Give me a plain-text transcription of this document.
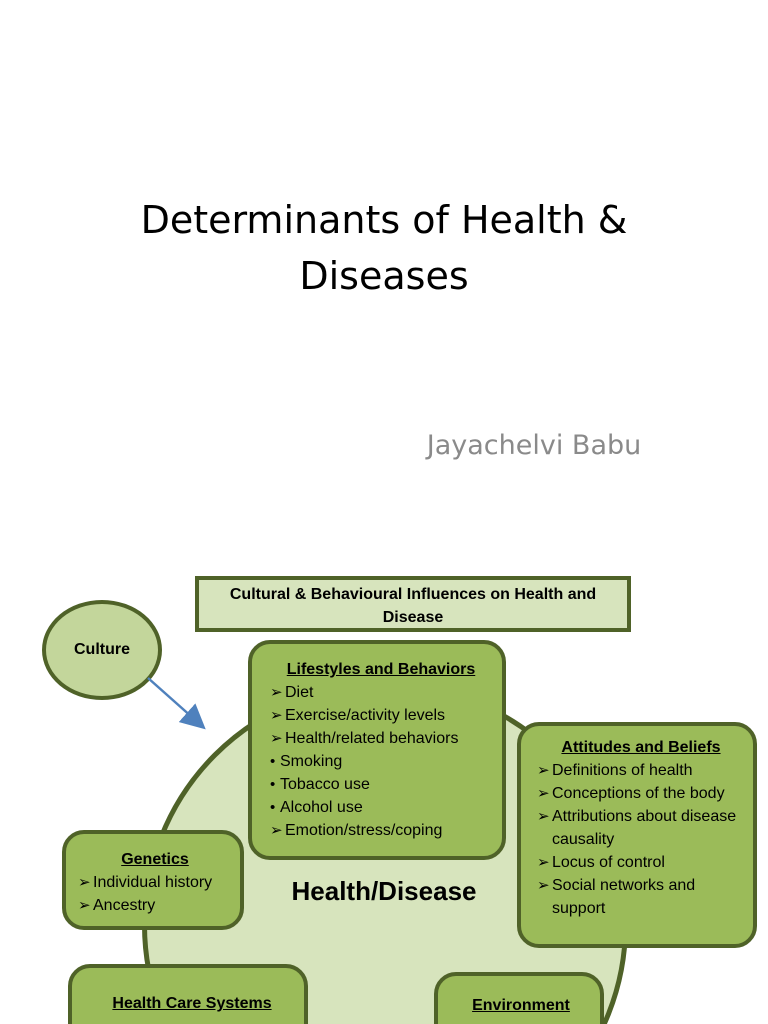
Determinants of Health &
Diseases
Jayachelvi Babu
Health/Disease
Cultural & Behavioural Influences on Health and
Disease
Culture
Lifestyles and Behaviors
➢ Diet
➢ Exercise/activity levels
➢ Health/related behaviors
• Smoking
• Tobacco use
• Alcohol use
➢ Emotion/stress/coping
Attitudes and Beliefs
➢ Definitions of health
➢ Conceptions of the body
➢ Attributions about disease causality
➢ Locus of control
➢ Social networks and support
Genetics
➢ Individual history
➢ Ancestry
Health Care Systems	Environment
